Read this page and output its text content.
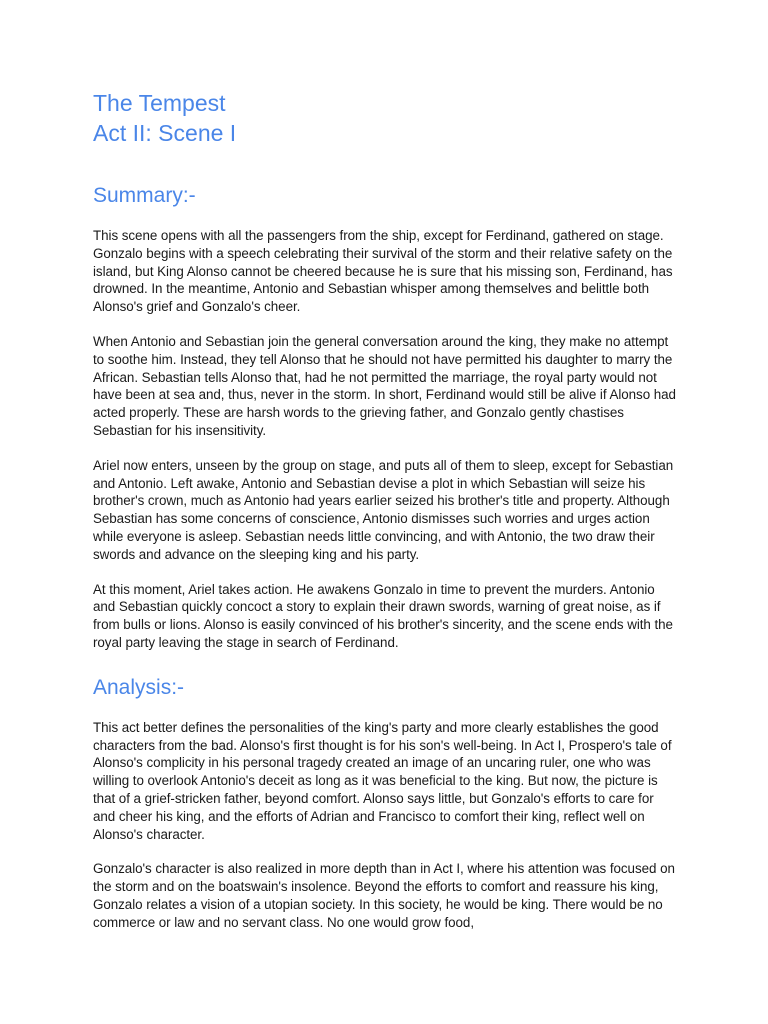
The Tempest
Act II: Scene I
Summary:-

This scene opens with all the passengers from the ship, except for Ferdinand, gathered on stage. Gonzalo begins with a speech celebrating their survival of the storm and their relative safety on the island, but King Alonso cannot be cheered because he is sure that his missing son, Ferdinand, has drowned. In the meantime, Antonio and Sebastian whisper among themselves and belittle both Alonso's grief and Gonzalo's cheer.

When Antonio and Sebastian join the general conversation around the king, they make no attempt to soothe him. Instead, they tell Alonso that he should not have permitted his daughter to marry the African. Sebastian tells Alonso that, had he not permitted the marriage, the royal party would not have been at sea and, thus, never in the storm. In short, Ferdinand would still be alive if Alonso had acted properly. These are harsh words to the grieving father, and Gonzalo gently chastises Sebastian for his insensitivity.

Ariel now enters, unseen by the group on stage, and puts all of them to sleep, except for Sebastian and Antonio. Left awake, Antonio and Sebastian devise a plot in which Sebastian will seize his brother's crown, much as Antonio had years earlier seized his brother's title and property. Although Sebastian has some concerns of conscience, Antonio dismisses such worries and urges action while everyone is asleep. Sebastian needs little convincing, and with Antonio, the two draw their swords and advance on the sleeping king and his party.

At this moment, Ariel takes action. He awakens Gonzalo in time to prevent the murders. Antonio and Sebastian quickly concoct a story to explain their drawn swords, warning of great noise, as if from bulls or lions. Alonso is easily convinced of his brother's sincerity, and the scene ends with the royal party leaving the stage in search of Ferdinand.

Analysis:-

This act better defines the personalities of the king's party and more clearly establishes the good characters from the bad. Alonso's first thought is for his son's well-being. In Act I, Prospero's tale of Alonso's complicity in his personal tragedy created an image of an uncaring ruler, one who was willing to overlook Antonio's deceit as long as it was beneficial to the king. But now, the picture is that of a grief-stricken father, beyond comfort. Alonso says little, but Gonzalo's efforts to care for and cheer his king, and the efforts of Adrian and Francisco to comfort their king, reflect well on Alonso's character.

Gonzalo's character is also realized in more depth than in Act I, where his attention was focused on the storm and on the boatswain's insolence. Beyond the efforts to comfort and reassure his king, Gonzalo relates a vision of a utopian society. In this society, he would be king. There would be no commerce or law and no servant class. No one would grow food,
